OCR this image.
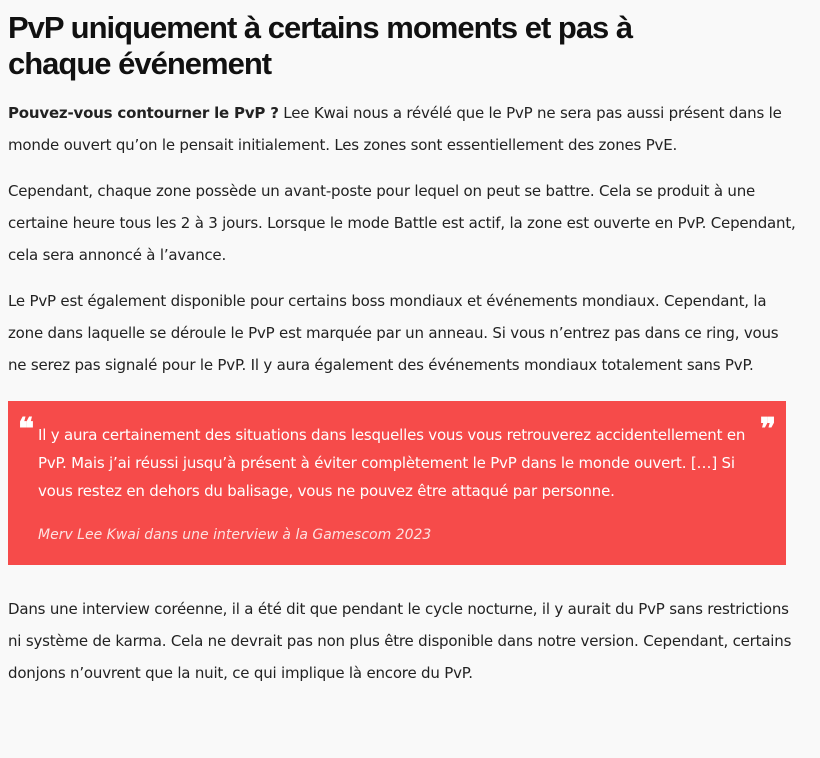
PvP uniquement à certains moments et pas à chaque événement

Pouvez-vous contourner le PvP ? Lee Kwai nous a révélé que le PvP ne sera pas aussi présent dans le monde ouvert qu’on le pensait initialement. Les zones sont essentiellement des zones PvE.

Cependant, chaque zone possède un avant-poste pour lequel on peut se battre. Cela se produit à une certaine heure tous les 2 à 3 jours. Lorsque le mode Battle est actif, la zone est ouverte en PvP. Cependant, cela sera annoncé à l’avance.

Le PvP est également disponible pour certains boss mondiaux et événements mondiaux. Cependant, la zone dans laquelle se déroule le PvP est marquée par un anneau. Si vous n’entrez pas dans ce ring, vous ne serez pas signalé pour le PvP. Il y aura également des événements mondiaux totalement sans PvP.

❝	❞

Il y aura certainement des situations dans lesquelles vous vous retrouverez accidentellement en PvP. Mais j’ai réussi jusqu’à présent à éviter complètement le PvP dans le monde ouvert. […] Si vous restez en dehors du balisage, vous ne pouvez être attaqué par personne.

Merv Lee Kwai dans une interview à la Gamescom 2023

Dans une interview coréenne, il a été dit que pendant le cycle nocturne, il y aurait du PvP sans restrictions ni système de karma. Cela ne devrait pas non plus être disponible dans notre version. Cependant, certains donjons n’ouvrent que la nuit, ce qui implique là encore du PvP.
